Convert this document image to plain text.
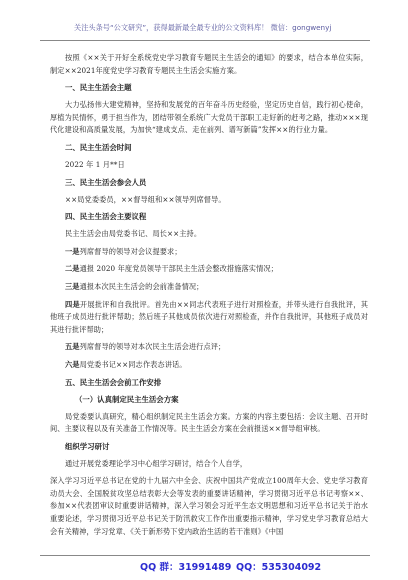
关注头条号“公文研究”，获得最新最全最专业的公文资料库！ 微信：gongwenyj

按照《××关于开好全系统党史学习教育专题民主生活会的通知》的要求，结合本单位实际，制定××2021年度党史学习教育专题民主生活会实施方案。

一、民主生活会主题

大力弘扬伟大建党精神，坚持和发展党的百年奋斗历史经验，坚定历史自信，践行初心使命，厚植为民情怀，勇于担当作为，团结带领全系统广大党员干部职工走好新的赶考之路，推动×××现代化建设和高质量发展，为加快“建成支点、走在前列、谱写新篇”发挥××的行业力量。

二、民主生活会时间

2022 年 1 月**日

三、民主生活会参会人员

××局党委委员，××督导组和××领导列席督导。

四、民主生活会主要议程

民主生活会由局党委书记、局长××主持。

一是列席督导的领导对会议提要求；

二是通报 2020 年度党员领导干部民主生活会整改措施落实情况；

三是通报本次民主生活会的会前准备情况；

四是开展批评和自我批评。首先由××同志代表班子进行对照检查，并带头进行自我批评，其他班子成员进行批评帮助；然后班子其他成员依次进行对照检查，并作自我批评，其他班子成员对其进行批评帮助；

五是列席督导的领导对本次民主生活会进行点评；

六是局党委书记××同志作表态讲话。

五、民主生活会会前工作安排
（一）认真制定民主生活会方案

局党委要认真研究，精心组织制定民主生活会方案。方案的内容主要包括：会议主题、召开时间、主要议程以及有关准备工作情况等。民主生活会方案在会前报送××督导组审核。

组织学习研讨

通过开展党委理论学习中心组学习研讨，结合个人自学，

深入学习习近平总书记在党的十九届六中全会、庆祝中国共产党成立100周年大会、党史学习教育动员大会、全国脱贫攻坚总结表彰大会等发表的重要讲话精神，学习贯彻习近平总书记考察××、参加××代表团审议时重要讲话精神，深入学习领会习近平生态文明思想和习近平总书记关于治水重要论述，学习贯彻习近平总书记关于防汛救灾工作作出重要指示精神，学习党史学习教育总结大会有关精神，学习党章、《关于新形势下党内政治生活的若干准则》《中国

QQ 群：31991489 QQ：535304092
